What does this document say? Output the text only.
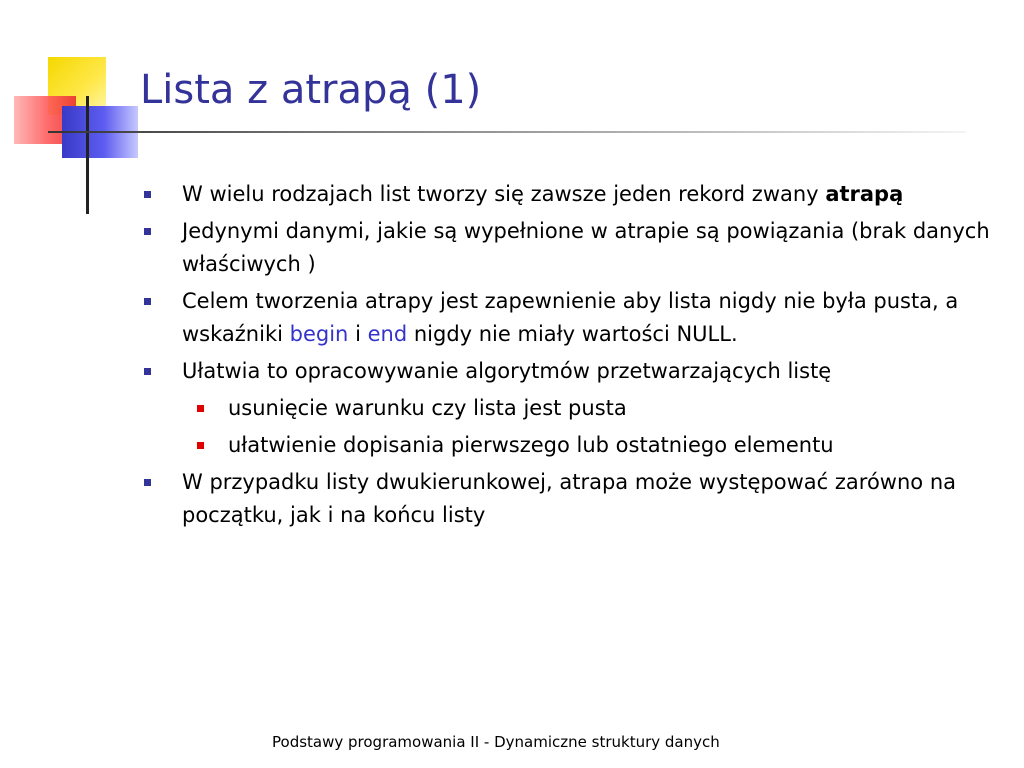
Lista z atrapą (1)
W wielu rodzajach list tworzy się zawsze jeden rekord zwany atrapą
Jedynymi danymi, jakie są wypełnione w atrapie są powiązania (brak danych właściwych )
Celem tworzenia atrapy jest zapewnienie aby lista nigdy nie była pusta, a wskaźniki begin i end nigdy nie miały wartości NULL.
Ułatwia to opracowywanie algorytmów przetwarzających listę
usunięcie warunku czy lista jest pusta
ułatwienie dopisania pierwszego lub ostatniego elementu
W przypadku listy dwukierunkowej, atrapa może występować zarówno na początku, jak i na końcu listy
Podstawy programowania II - Dynamiczne struktury danych
